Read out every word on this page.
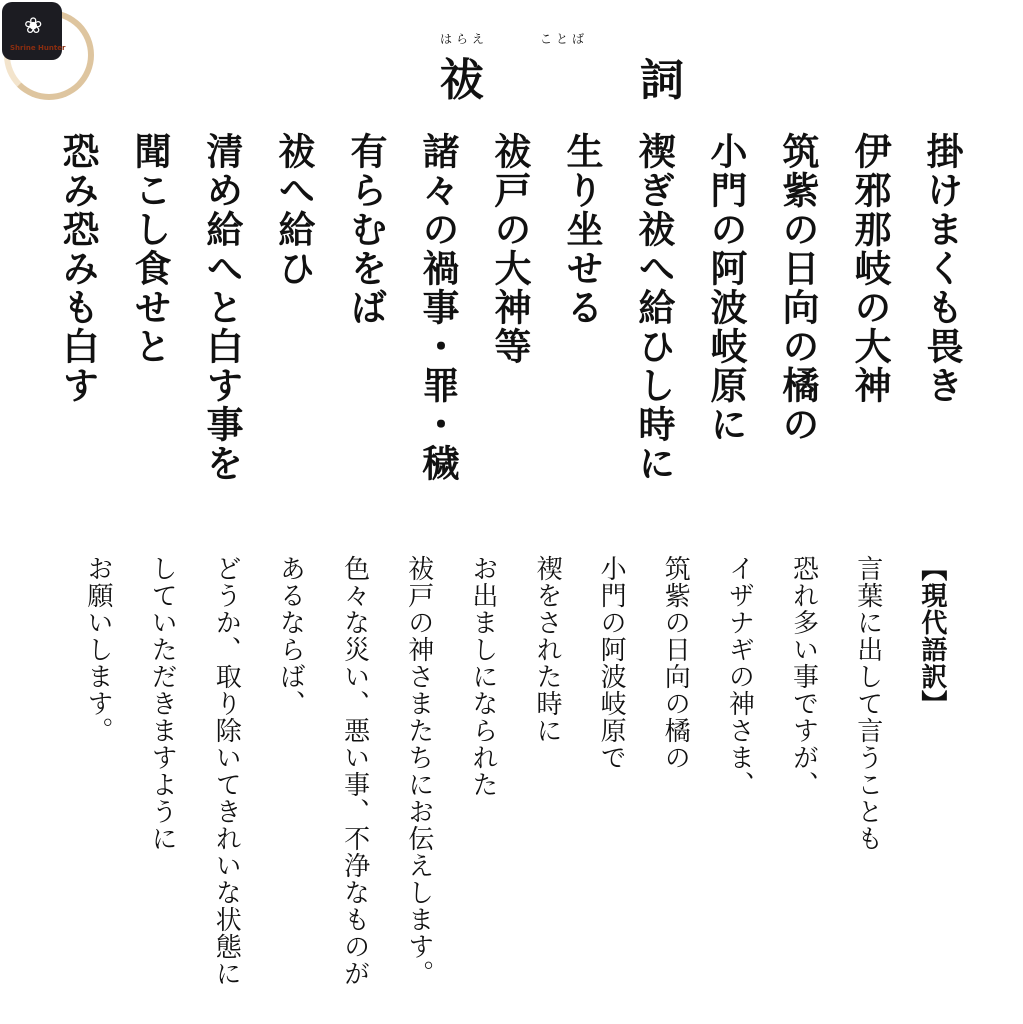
❀
Shrine Hunter
はらえ	ことば
祓　詞
掛けまくも畏き
伊邪那岐の大神
筑紫の日向の橘の
小門の阿波岐原に
禊ぎ祓へ給ひし時に
生り坐せる
祓戸の大神等
諸々の禍事・罪・穢
有らむをば
祓へ給ひ
清め給へと白す事を
聞こし食せと
恐み恐みも白す
【現代語訳】
言葉に出して言うことも
恐れ多い事ですが、
イザナギの神さま、
筑紫の日向の橘の
小門の阿波岐原で
禊をされた時に
お出ましになられた
祓戸の神さまたちにお伝えします。
色々な災い、悪い事、不浄なものが
あるならば、
どうか、取り除いてきれいな状態に
していただきますように
お願いします。
